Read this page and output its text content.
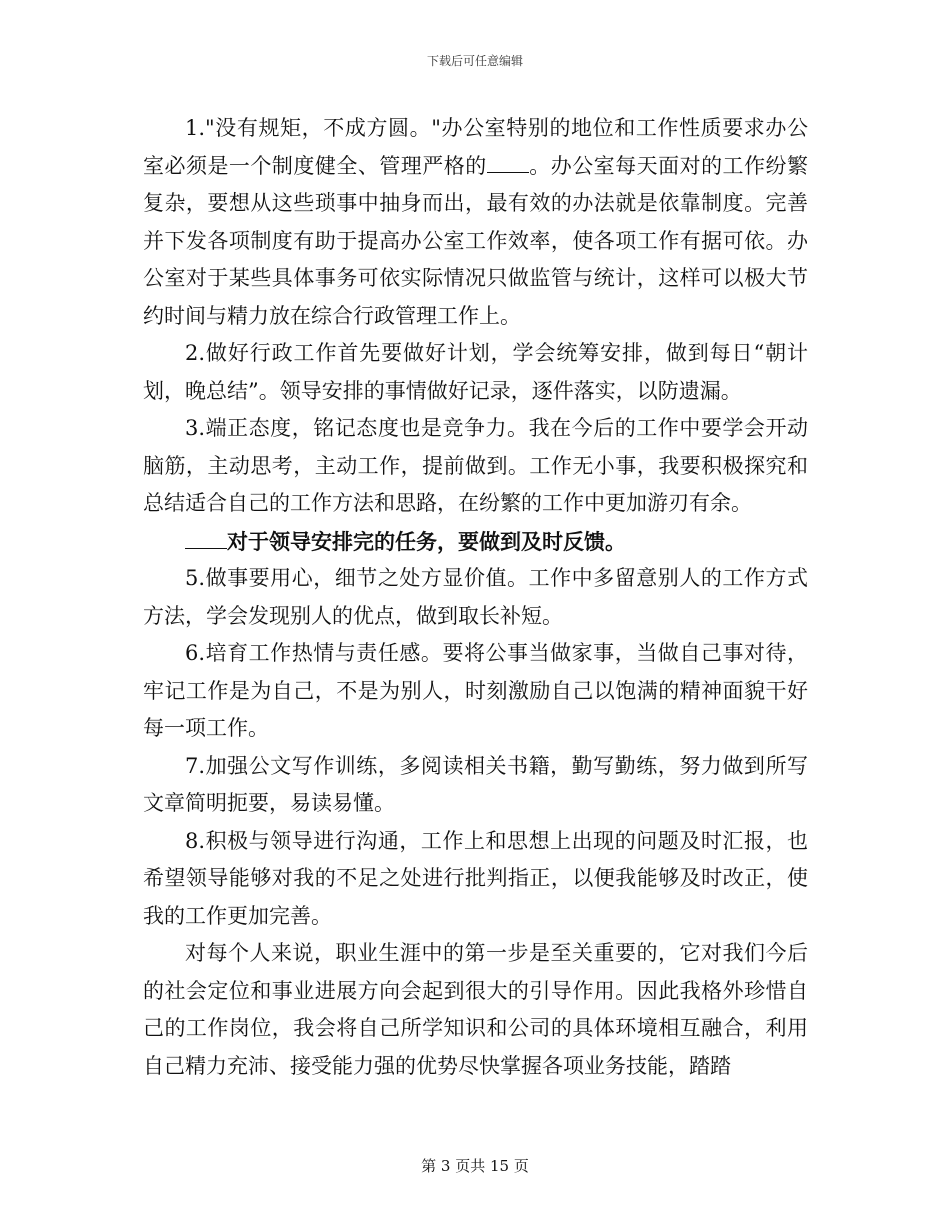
下载后可任意编辑

1."没有规矩，不成方圆。"办公室特别的地位和工作性质要求办公室必须是一个制度健全、管理严格的 。办公室每天面对的工作纷繁复杂，要想从这些琐事中抽身而出，最有效的办法就是依靠制度。完善并下发各项制度有助于提高办公室工作效率，使各项工作有据可依。办公室对于某些具体事务可依实际情况只做监管与统计，这样可以极大节约时间与精力放在综合行政管理工作上。

2.做好行政工作首先要做好计划，学会统筹安排，做到每日“朝计划，晚总结”。领导安排的事情做好记录，逐件落实，以防遗漏。

3.端正态度，铭记态度也是竞争力。我在今后的工作中要学会开动脑筋，主动思考，主动工作，提前做到。工作无小事，我要积极探究和总结适合自己的工作方法和思路，在纷繁的工作中更加游刃有余。

对于领导安排完的任务，要做到及时反馈。

5.做事要用心，细节之处方显价值。工作中多留意别人的工作方式方法，学会发现别人的优点，做到取长补短。

6.培育工作热情与责任感。要将公事当做家事，当做自己事对待，牢记工作是为自己，不是为别人，时刻激励自己以饱满的精神面貌干好每一项工作。

7.加强公文写作训练，多阅读相关书籍，勤写勤练，努力做到所写文章简明扼要，易读易懂。

8.积极与领导进行沟通，工作上和思想上出现的问题及时汇报，也希望领导能够对我的不足之处进行批判指正，以便我能够及时改正，使我的工作更加完善。

对每个人来说，职业生涯中的第一步是至关重要的，它对我们今后的社会定位和事业进展方向会起到很大的引导作用。因此我格外珍惜自己的工作岗位，我会将自己所学知识和公司的具体环境相互融合，利用自己精力充沛、接受能力强的优势尽快掌握各项业务技能，踏踏

第 3 页共 15 页
